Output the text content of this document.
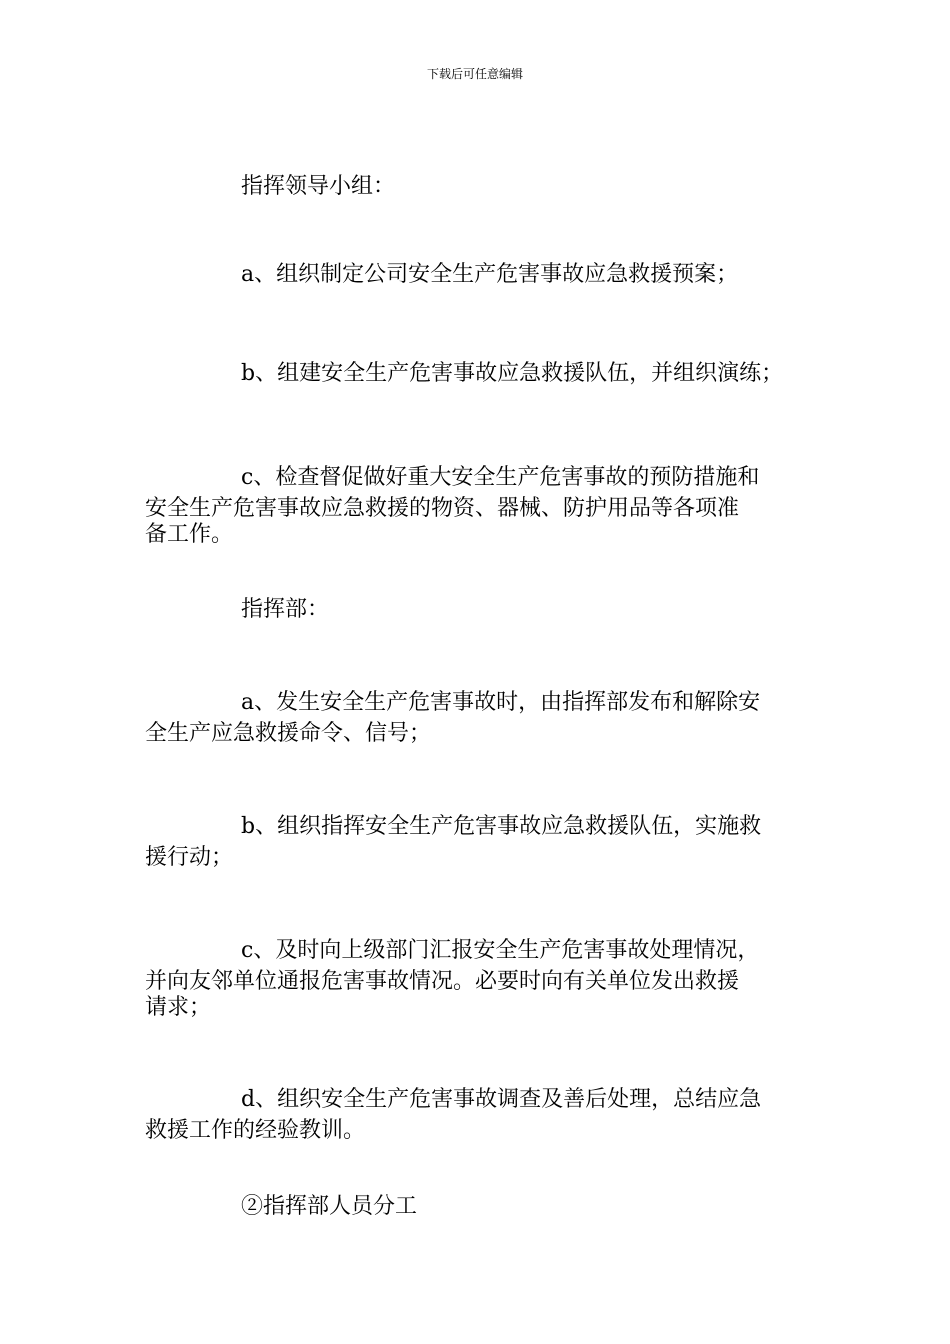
下载后可任意编辑
指挥领导小组：
a、组织制定公司安全生产危害事故应急救援预案；
b、组建安全生产危害事故应急救援队伍，并组织演练；
c、检查督促做好重大安全生产危害事故的预防措施和
安全生产危害事故应急救援的物资、器械、防护用品等各项准
备工作。
指挥部：
a、发生安全生产危害事故时，由指挥部发布和解除安
全生产应急救援命令、信号；
b、组织指挥安全生产危害事故应急救援队伍，实施救
援行动；
c、及时向上级部门汇报安全生产危害事故处理情况，
并向友邻单位通报危害事故情况。必要时向有关单位发出救援
请求；
d、组织安全生产危害事故调查及善后处理，总结应急
救援工作的经验教训。
②指挥部人员分工
